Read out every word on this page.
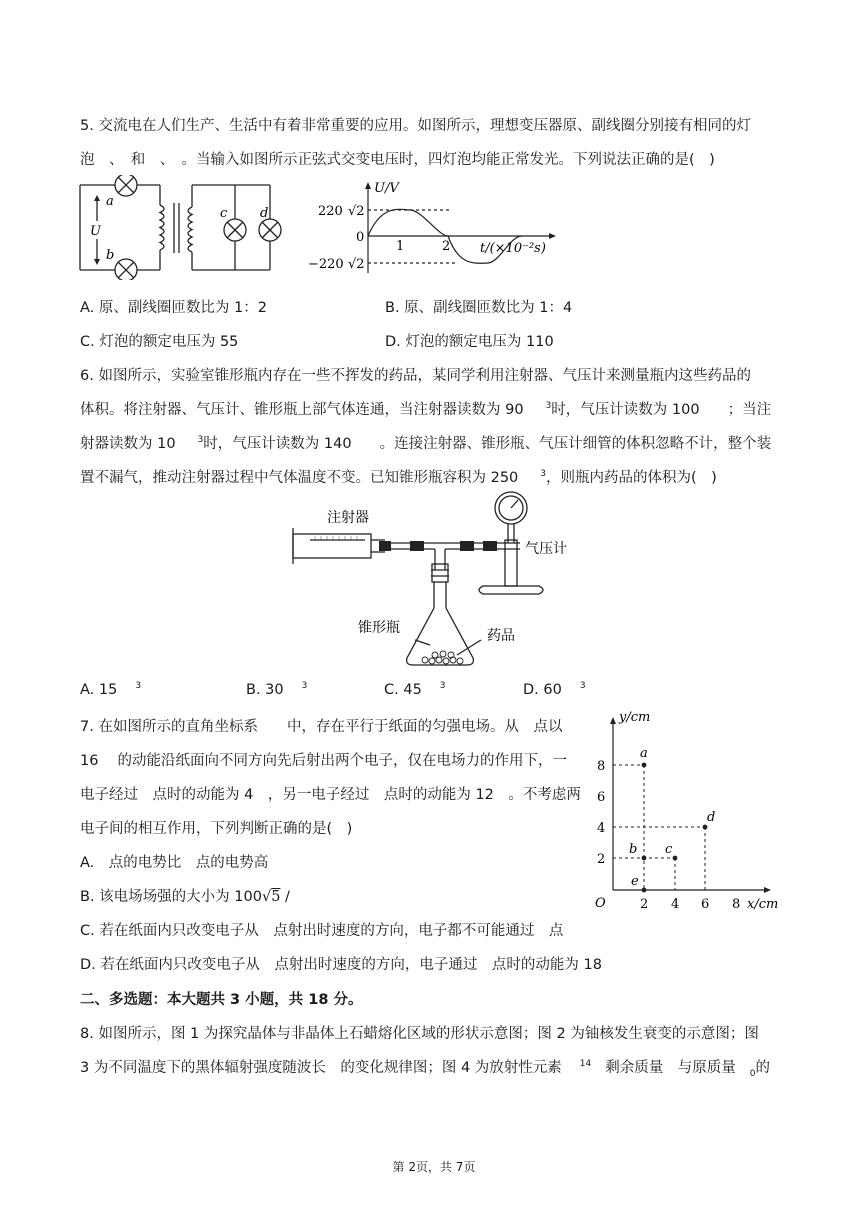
5. 交流电在人们生产、生活中有着非常重要的应用。如图所示，理想变压器原、副线圈分别接有相同的灯
泡　、　和　、　。当输入如图所示正弦式交变电压时，四灯泡均能正常发光。下列说法正确的是(　)
a
b
c	d
U
U/V
220 √2
−220 √2
0
1	2 t/(×10⁻²s)
A. 原、副线圈匝数比为 1：2	B. 原、副线圈匝数比为 1：4
C. 灯泡的额定电压为 55	D. 灯泡的额定电压为 110
6. 如图所示，实验室锥形瓶内存在一些不挥发的药品，某同学利用注射器、气压计来测量瓶内这些药品的
体积。将注射器、气压计、锥形瓶上部气体连通，当注射器读数为 90 $^3$时，气压计读数为 100 ；当注
射器读数为 10 $^3$时，气压计读数为 140 。连接注射器、锥形瓶、气压计细管的体积忽略不计，整个装
置不漏气，推动注射器过程中气体温度不变。已知锥形瓶容积为 250 $^3$，则瓶内药品的体积为(　)
注射器
气压计
锥形瓶	药品
A. 15 $^3$	B. 30 $^3$	C. 45 $^3$	D. 60 $^3$
7. 在如图所示的直角坐标系　　中，存在平行于纸面的匀强电场。从　点以
16　 的动能沿纸面向不同方向先后射出两个电子，仅在电场力的作用下，一
电子经过　点时的动能为 4　，另一电子经过　点时的动能为 12　。不考虑两
电子间的相互作用，下列判断正确的是(　)
A.　点的电势比　点的电势高
B. 该电场场强的大小为 100√5 /
C. 若在纸面内只改变电子从　点射出时速度的方向，电子都不可能通过　点
D. 若在纸面内只改变电子从　点射出时速度的方向，电子通过　点时的动能为 18
y/cm
x/cm
O
2
4
6
8
2 4 6 8
a
b c
d
e
二、多选题：本大题共 3 小题，共 18 分。
8. 如图所示，图 1 为探究晶体与非晶体上石蜡熔化区域的形状示意图；图 2 为铀核发生衰变的示意图；图
3 为不同温度下的黑体辐射强度随波长　的变化规律图；图 4 为放射性元素 $^{14}$ 剩余质量　与原质量 $_0$的
第 2页，共 7页
